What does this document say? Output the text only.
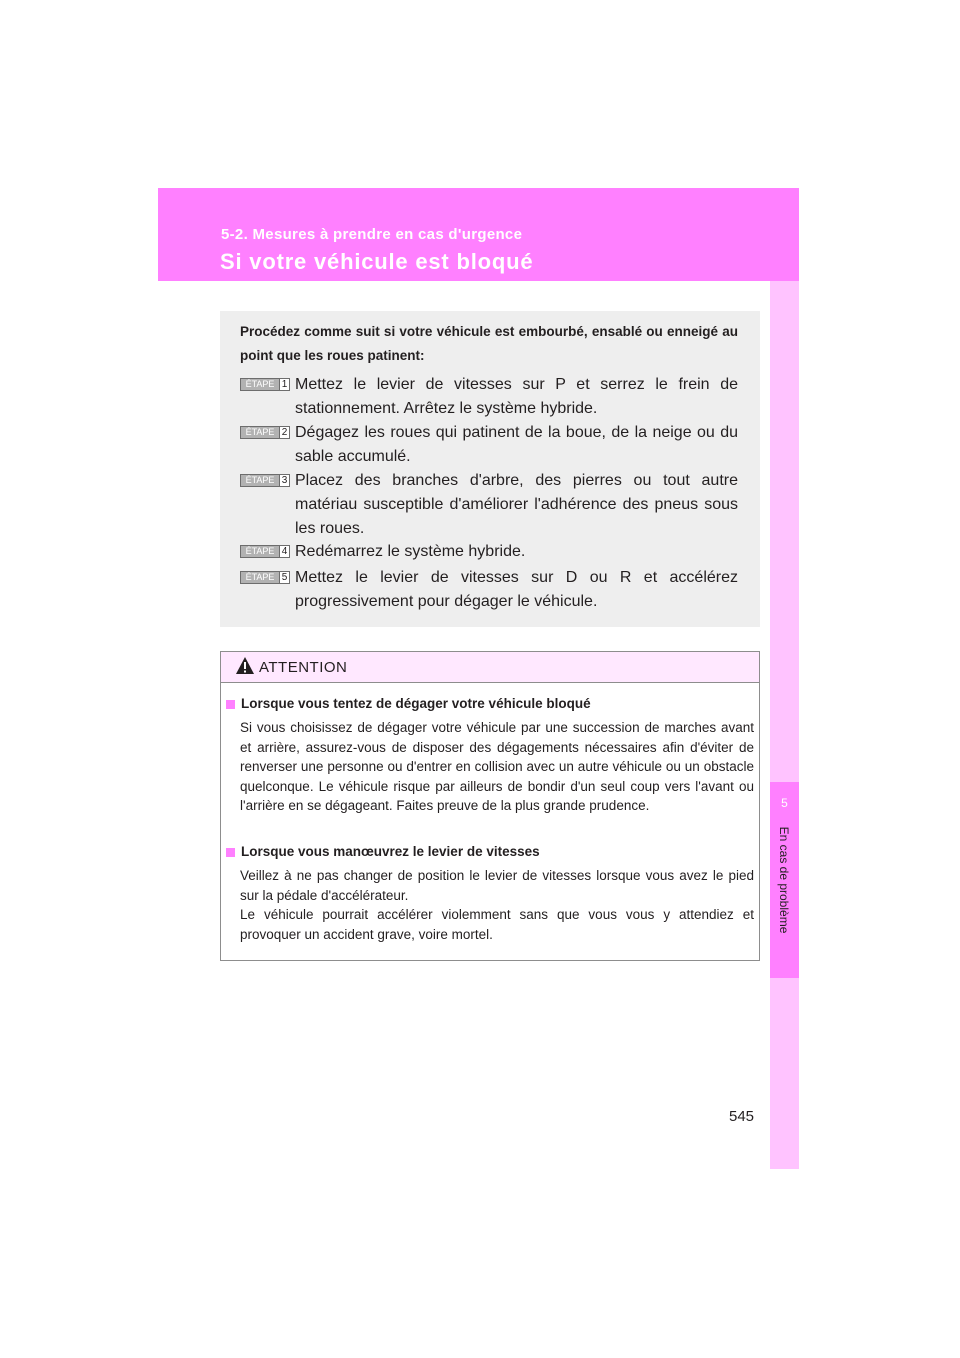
5-2. Mesures à prendre en cas d'urgence
Si votre véhicule est bloqué
5
En cas de problème
Procédez comme suit si votre véhicule est embourbé, ensablé ou enneigé au point que les roues patinent:
ÉTAPE 1 Mettez le levier de vitesses sur P et serrez le frein de stationnement. Arrêtez le système hybride.
ÉTAPE 2 Dégagez les roues qui patinent de la boue, de la neige ou du sable accumulé.
ÉTAPE 3 Placez des branches d'arbre, des pierres ou tout autre matériau susceptible d'améliorer l'adhérence des pneus sous les roues.
ÉTAPE 4 Redémarrez le système hybride.
ÉTAPE 5 Mettez le levier de vitesses sur D ou R et accélérez progressivement pour dégager le véhicule.
ATTENTION
Lorsque vous tentez de dégager votre véhicule bloqué

Si vous choisissez de dégager votre véhicule par une succession de marches avant et arrière, assurez-vous de disposer des dégagements nécessaires afin d'éviter de renverser une personne ou d'entrer en collision avec un autre véhicule ou un obstacle quelconque. Le véhicule risque par ailleurs de bondir d'un seul coup vers l'avant ou l'arrière en se dégageant. Faites preuve de la plus grande prudence.

Lorsque vous manœuvrez le levier de vitesses

Veillez à ne pas changer de position le levier de vitesses lorsque vous avez le pied sur la pédale d'accélérateur.

Le véhicule pourrait accélérer violemment sans que vous vous y attendiez et provoquer un accident grave, voire mortel.

545
